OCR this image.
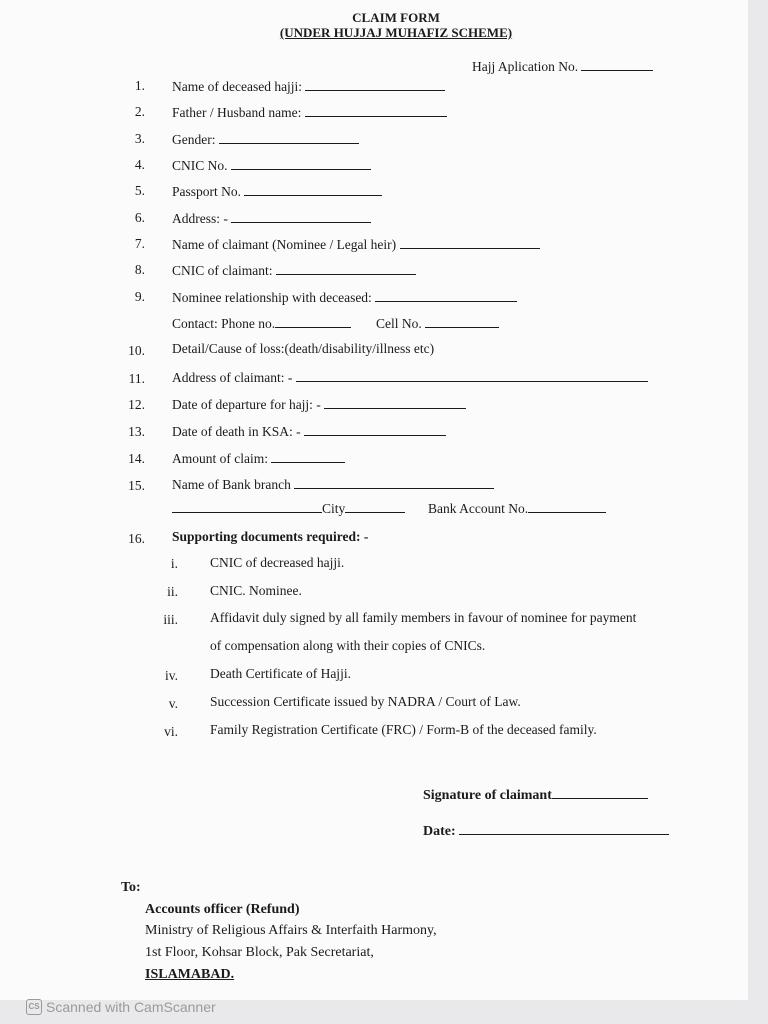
CLAIM FORM
(UNDER HUJJAJ MUHAFIZ SCHEME)
Hajj Aplication No.
1. Name of deceased hajji:
2. Father / Husband name:
3. Gender:
4. CNIC No.
5. Passport No.
6. Address: -
7. Name of claimant (Nominee / Legal heir)
8. CNIC of claimant:
9. Nominee relationship with deceased:
Contact: Phone no.	Cell No.
10. Detail/Cause of loss:(death/disability/illness etc)
11. Address of claimant: -
12. Date of departure for hajj: -
13. Date of death in KSA: -
14. Amount of claim:
15. Name of Bank branch
City	Bank Account No.
16. Supporting documents required: -
i. CNIC of decreased hajji.
ii. CNIC. Nominee.
iii. Affidavit duly signed by all family members in favour of nominee for payment
of compensation along with their copies of CNICs.
iv. Death Certificate of Hajji.
v. Succession Certificate issued by NADRA / Court of Law.
vi. Family Registration Certificate (FRC) / Form-B of the deceased family.
Signature of claimant
Date:
To:
Accounts officer (Refund)
Ministry of Religious Affairs & Interfaith Harmony,
1st Floor, Kohsar Block, Pak Secretariat,
ISLAMABAD.
CS Scanned with CamScanner
